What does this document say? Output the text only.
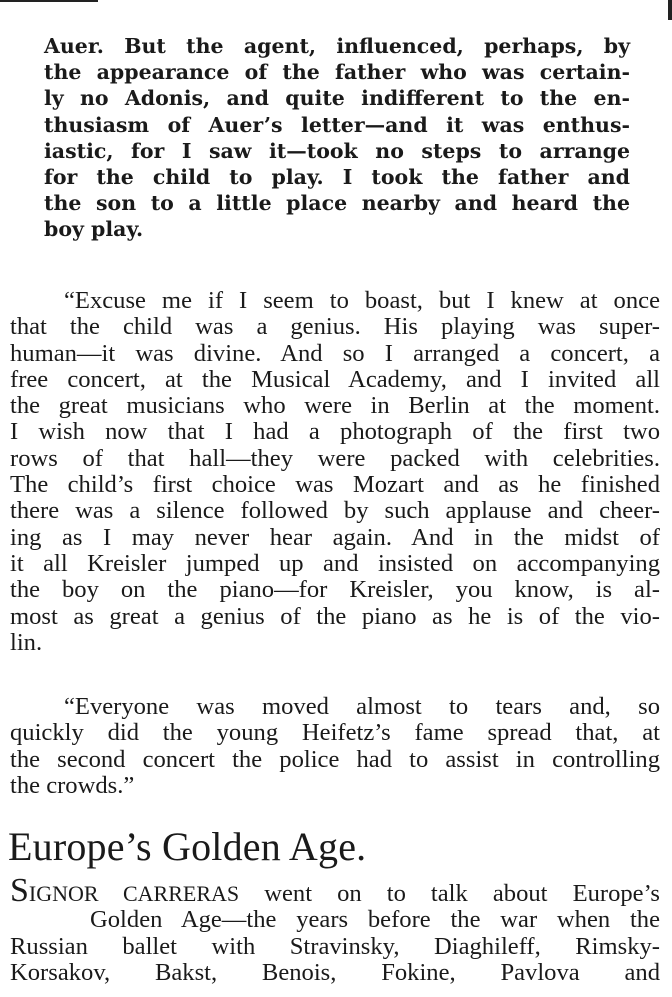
Auer. But the agent, influenced, perhaps, by
the appearance of the father who was certain-
ly no Adonis, and quite indifferent to the en-
thusiasm of Auer’s letter—and it was enthus-
iastic, for I saw it—took no steps to arrange
for the child to play. I took the father and
the son to a little place nearby and heard the
boy play.
“Excuse me if I seem to boast, but I knew at once
that the child was a genius. His playing was super-
human—it was divine. And so I arranged a concert, a
free concert, at the Musical Academy, and I invited all
the great musicians who were in Berlin at the moment.
I wish now that I had a photograph of the first two
rows of that hall—they were packed with celebrities.
The child’s first choice was Mozart and as he finished
there was a silence followed by such applause and cheer-
ing as I may never hear again. And in the midst of
it all Kreisler jumped up and insisted on accompanying
the boy on the piano—for Kreisler, you know, is al-
most as great a genius of the piano as he is of the vio-
lin.
“Everyone was moved almost to tears and, so
quickly did the young Heifetz’s fame spread that, at
the second concert the police had to assist in controlling
the crowds.”
Europe’s Golden Age.
SIGNOR CARRERAS went on to talk about Europe’s
Golden Age—the years before the war when the
Russian ballet with Stravinsky, Diaghileff, Rimsky-
Korsakov, Bakst, Benois, Fokine, Pavlova and
